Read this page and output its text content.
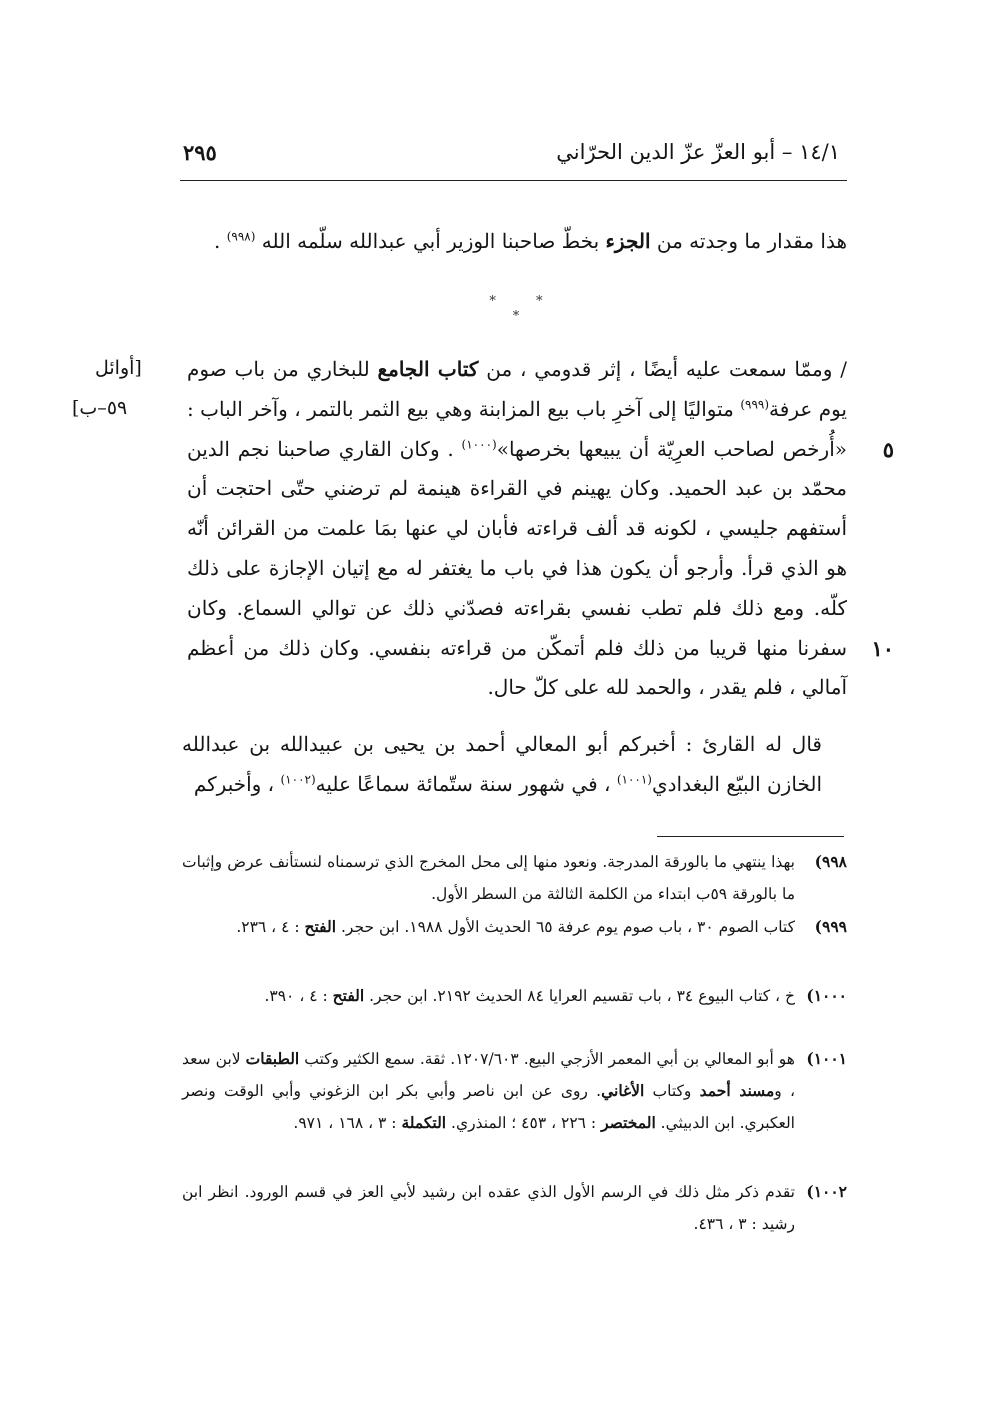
١٤/١ – أبو العزّ عزّ الدين الحرّاني
٢٩٥
هذا مقدار ما وجدته من الجزء بخطّ صاحبنا الوزير أبي عبدالله سلّمه الله $^{(٩٩٨)}$ .
* * *
[أوائل
٥٩–ب]
٥
١٠
/ وممّا سمعت عليه أيضًا ، إثر قدومي ، من كتاب الجامع للبخاري من باب صوم يوم عرفة$^{(٩٩٩)}$ متواليًا إلى آخرِ باب بيع المزابنة وهي بيع الثمر بالتمر ، وآخر الباب : «أُرخص لصاحب العرِيّة أن يبيعها بخرصها»$^{(١٠٠٠)}$ . وكان القاري صاحبنا نجم الدين محمّد بن عبد الحميد. وكان يهينم في القراءة هينمة لم ترضني حتّى احتجت أن أستفهم جليسي ، لكونه قد ألف قراءته فأبان لي عنها بمَا علمت من القرائن أنّه هو الذي قرأ. وأرجو أن يكون هذا في باب ما يغتفر له مع إتيان الإجازة على ذلك كلّه. ومع ذلك فلم تطب نفسي بقراءته فصدّني ذلك عن توالي السماع. وكان سفرنا منها قريبا من ذلك فلم أتمكّن من قراءته بنفسي. وكان ذلك من أعظم آمالي ، فلم يقدر ، والحمد لله على كلّ حال.
قال له القارئ : أخبركم أبو المعالي أحمد بن يحيى بن عبيدالله بن عبدالله الخازن البيّع البغدادي$^{(١٠٠١)}$ ، في شهور سنة ستّمائة سماعًا عليه$^{(١٠٠٢)}$ ، وأخبركم
٩٩٨)
بهذا ينتهي ما بالورقة المدرجة. ونعود منها إلى محل المخرج الذي ترسمناه لنستأنف عرض وإثبات ما بالورقة ٥٩ب ابتداء من الكلمة الثالثة من السطر الأول.
٩٩٩)
كتاب الصوم ٣٠ ، باب صوم يوم عرفة ٦٥ الحديث الأول ١٩٨٨. ابن حجر. الفتح : ٤ ، ٢٣٦.
١٠٠٠)
خ ، كتاب البيوع ٣٤ ، باب تقسيم العرايا ٨٤ الحديث ٢١٩٢. ابن حجر. الفتح : ٤ ، ٣٩٠.
١٠٠١)
هو أبو المعالي بن أبي المعمر الأزجي البيع. ١٢٠٧/٦٠٣. ثقة. سمع الكثير وكتب الطبقات لابن سعد ، ومسند أحمد وكتاب الأغاني. روى عن ابن ناصر وأبي بكر ابن الزغوني وأبي الوقت ونصر العكبري. ابن الدبيثي. المختصر : ٢٢٦ ، ٤٥٣ ؛ المنذري. التكملة : ٣ ، ١٦٨ ، ٩٧١.
١٠٠٢)
تقدم ذكر مثل ذلك في الرسم الأول الذي عقده ابن رشيد لأبي العز في قسم الورود. انظر ابن رشيد : ٣ ، ٤٣٦.
